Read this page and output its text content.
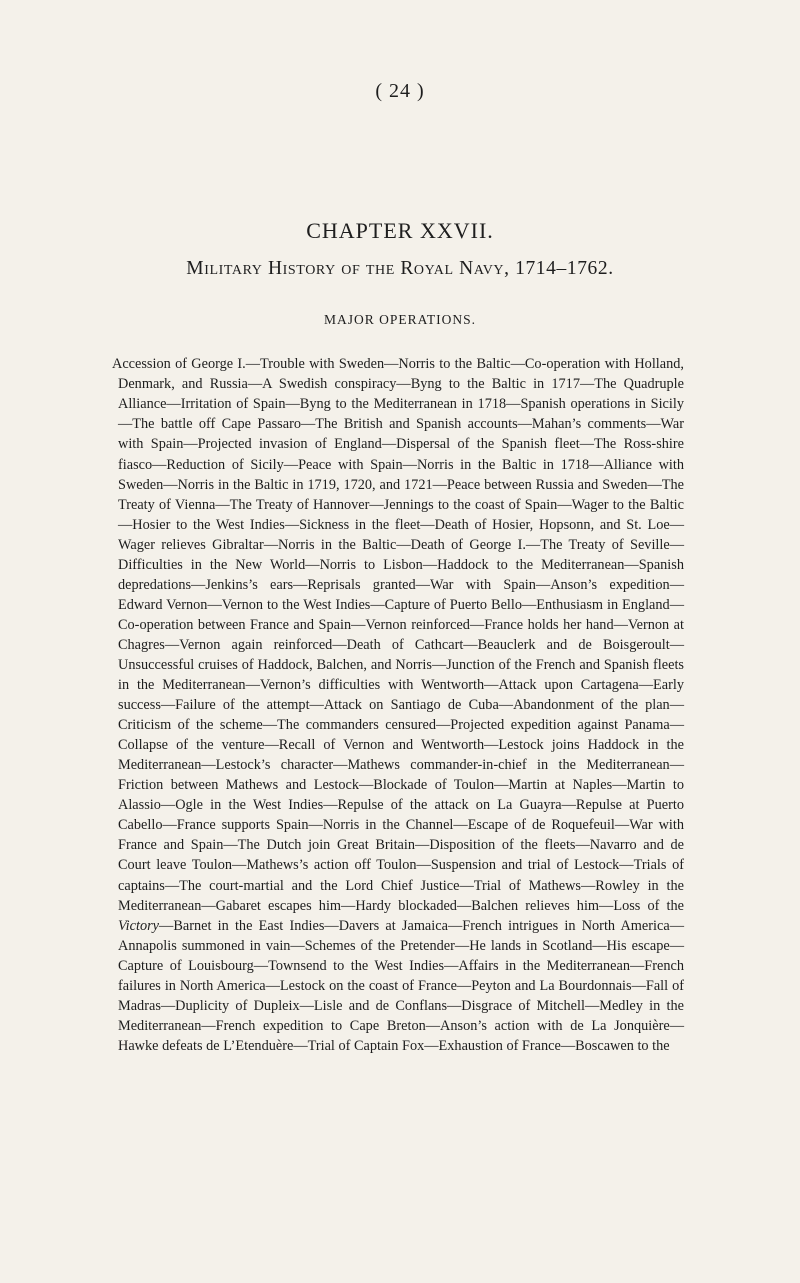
( 24 )
CHAPTER XXVII.
Military History of the Royal Navy, 1714–1762.
MAJOR OPERATIONS.

Accession of George I.—Trouble with Sweden—Norris to the Baltic—Co-operation with Holland, Denmark, and Russia—A Swedish conspiracy—Byng to the Baltic in 1717—The Quadruple Alliance—Irritation of Spain—Byng to the Mediterranean in 1718—Spanish operations in Sicily—The battle off Cape Passaro—The British and Spanish accounts—Mahan’s comments—War with Spain—Projected invasion of England—Dispersal of the Spanish fleet—The Ross-shire fiasco—Reduction of Sicily—Peace with Spain—Norris in the Baltic in 1718—Alliance with Sweden—Norris in the Baltic in 1719, 1720, and 1721—Peace between Russia and Sweden—The Treaty of Vienna—The Treaty of Hannover—Jennings to the coast of Spain—Wager to the Baltic—Hosier to the West Indies—Sickness in the fleet—Death of Hosier, Hopsonn, and St. Loe—Wager relieves Gibraltar—Norris in the Baltic—Death of George I.—The Treaty of Seville—Difficulties in the New World—Norris to Lisbon—Haddock to the Mediterranean—Spanish depredations—Jenkins’s ears—Reprisals granted—War with Spain—Anson’s expedition—Edward Vernon—Vernon to the West Indies—Capture of Puerto Bello—Enthusiasm in England—Co-operation between France and Spain—Vernon reinforced—France holds her hand—Vernon at Chagres—Vernon again reinforced—Death of Cathcart—Beauclerk and de Boisgeroult—Unsuccessful cruises of Haddock, Balchen, and Norris—Junction of the French and Spanish fleets in the Mediterranean—Vernon’s difficulties with Wentworth—Attack upon Cartagena—Early success—Failure of the attempt—Attack on Santiago de Cuba—Abandonment of the plan—Criticism of the scheme—The commanders censured—Projected expedition against Panama—Collapse of the venture—Recall of Vernon and Wentworth—Lestock joins Haddock in the Mediterranean—Lestock’s character—Mathews commander-in-chief in the Mediterranean—Friction between Mathews and Lestock—Blockade of Toulon—Martin at Naples—Martin to Alassio—Ogle in the West Indies—Repulse of the attack on La Guayra—Repulse at Puerto Cabello—France supports Spain—Norris in the Channel—Escape of de Roquefeuil—War with France and Spain—The Dutch join Great Britain—Disposition of the fleets—Navarro and de Court leave Toulon—Mathews’s action off Toulon—Suspension and trial of Lestock—Trials of captains—The court-martial and the Lord Chief Justice—Trial of Mathews—Rowley in the Mediterranean—Gabaret escapes him—Hardy blockaded—Balchen relieves him—Loss of the Victory—Barnet in the East Indies—Davers at Jamaica—French intrigues in North America—Annapolis summoned in vain—Schemes of the Pretender—He lands in Scotland—His escape—Capture of Louisbourg—Townsend to the West Indies—Affairs in the Mediterranean—French failures in North America—Lestock on the coast of France—Peyton and La Bourdonnais—Fall of Madras—Duplicity of Dupleix—Lisle and de Conflans—Disgrace of Mitchell—Medley in the Mediterranean—French expedition to Cape Breton—Anson’s action with de La Jonquière—Hawke defeats de L’Etenduère—Trial of Captain Fox—Exhaustion of France—Boscawen to the
